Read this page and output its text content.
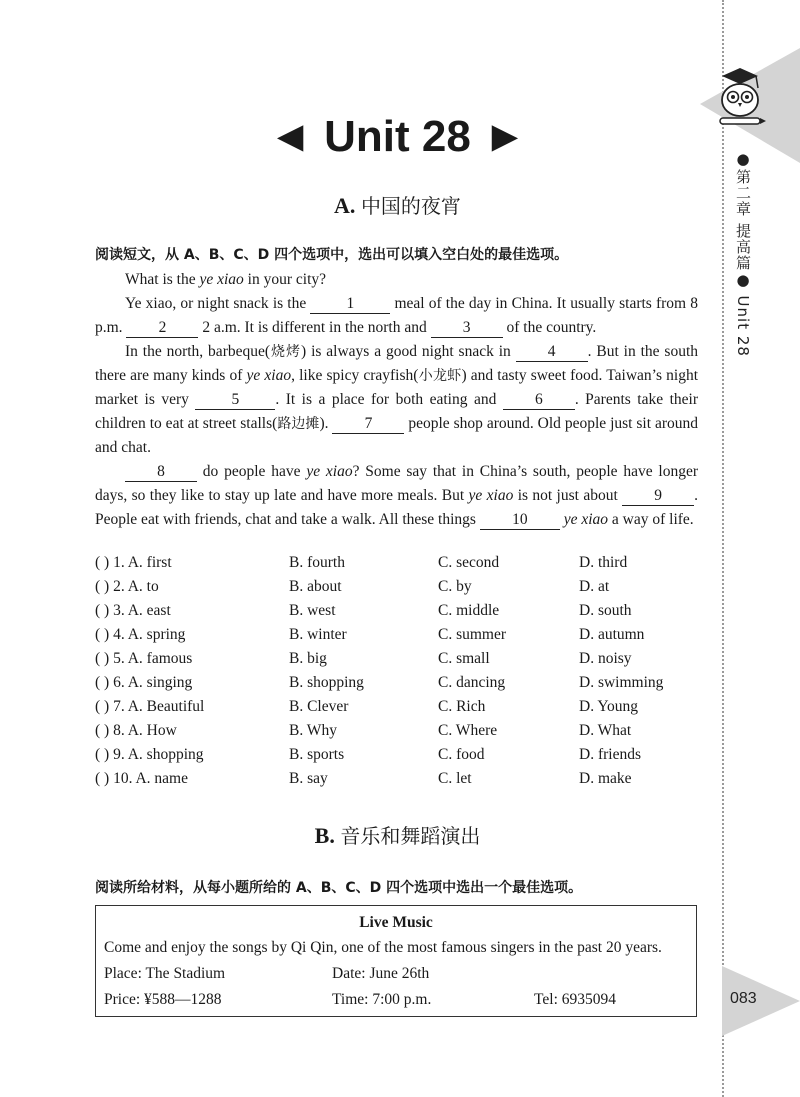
●第二章 提高篇● Unit 28
083
◄ Unit 28 ►
A. 中国的夜宵
阅读短文，从 A、B、C、D 四个选项中，选出可以填入空白处的最佳选项。

What is the ye xiao in your city?

Ye xiao, or night snack is the 1 meal of the day in China. It usually starts from 8 p.m. 2 2 a.m. It is different in the north and 3 of the country.

In the north, barbeque(烧烤) is always a good night snack in 4 . But in the south there are many kinds of ye xiao, like spicy crayfish(小龙虾) and tasty sweet food. Taiwan’s night market is very 5 . It is a place for both eating and 6 . Parents take their children to eat at street stalls(路边摊). 7 people shop around. Old people just sit around and chat.

8 do people have ye xiao? Some say that in China’s south, people have longer days, so they like to stay up late and have more meals. But ye xiao is not just about 9 . People eat with friends, chat and take a walk. All these things 10 ye xiao a way of life.

( ) 1. A. first	B. fourth	C. second	D. third
( ) 2. A. to	B. about	C. by	D. at
( ) 3. A. east	B. west	C. middle	D. south
( ) 4. A. spring	B. winter	C. summer	D. autumn
( ) 5. A. famous	B. big	C. small	D. noisy
( ) 6. A. singing	B. shopping	C. dancing	D. swimming
( ) 7. A. Beautiful	B. Clever	C. Rich	D. Young
( ) 8. A. How	B. Why	C. Where	D. What
( ) 9. A. shopping	B. sports	C. food	D. friends
( ) 10. A. name	B. say	C. let	D. make
B. 音乐和舞蹈演出
阅读所给材料，从每小题所给的 A、B、C、D 四个选项中选出一个最佳选项。
Live Music
Come and enjoy the songs by Qi Qin, one of the most famous singers in the past 20 years.
Place: The Stadium	Date: June 26th
Price: ¥588—1288	Time: 7:00 p.m.	Tel: 6935094
